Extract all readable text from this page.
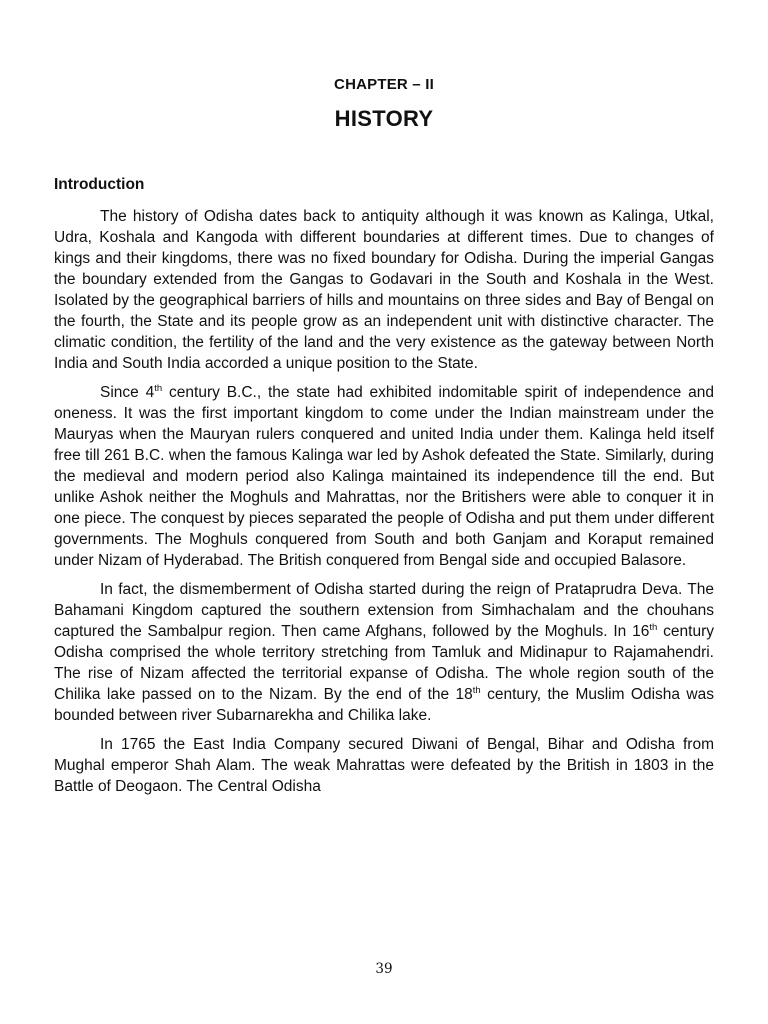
CHAPTER – II
HISTORY
Introduction

The history of Odisha dates back to antiquity although it was known as Kalinga, Utkal, Udra, Koshala and Kangoda with different boundaries at different times. Due to changes of kings and their kingdoms, there was no fixed boundary for Odisha. During the imperial Gangas the boundary extended from the Gangas to Godavari in the South and Koshala in the West. Isolated by the geographical barriers of hills and mountains on three sides and Bay of Bengal on the fourth, the State and its people grow as an independent unit with distinctive character. The climatic condition, the fertility of the land and the very existence as the gateway between North India and South India accorded a unique position to the State.

Since 4th century B.C., the state had exhibited indomitable spirit of independence and oneness. It was the first important kingdom to come under the Indian mainstream under the Mauryas when the Mauryan rulers conquered and united India under them. Kalinga held itself free till 261 B.C. when the famous Kalinga war led by Ashok defeated the State. Similarly, during the medieval and modern period also Kalinga maintained its independence till the end. But unlike Ashok neither the Moghuls and Mahrattas, nor the Britishers were able to conquer it in one piece. The conquest by pieces separated the people of Odisha and put them under different governments. The Moghuls conquered from South and both Ganjam and Koraput remained under Nizam of Hyderabad. The British conquered from Bengal side and occupied Balasore.

In fact, the dismemberment of Odisha started during the reign of Prataprudra Deva. The Bahamani Kingdom captured the southern extension from Simhachalam and the chouhans captured the Sambalpur region. Then came Afghans, followed by the Moghuls. In 16th century Odisha comprised the whole territory stretching from Tamluk and Midinapur to Rajamahendri. The rise of Nizam affected the territorial expanse of Odisha. The whole region south of the Chilika lake passed on to the Nizam. By the end of the 18th century, the Muslim Odisha was bounded between river Subarnarekha and Chilika lake.

In 1765 the East India Company secured Diwani of Bengal, Bihar and Odisha from Mughal emperor Shah Alam. The weak Mahrattas were defeated by the British in 1803 in the Battle of Deogaon. The Central Odisha

39
